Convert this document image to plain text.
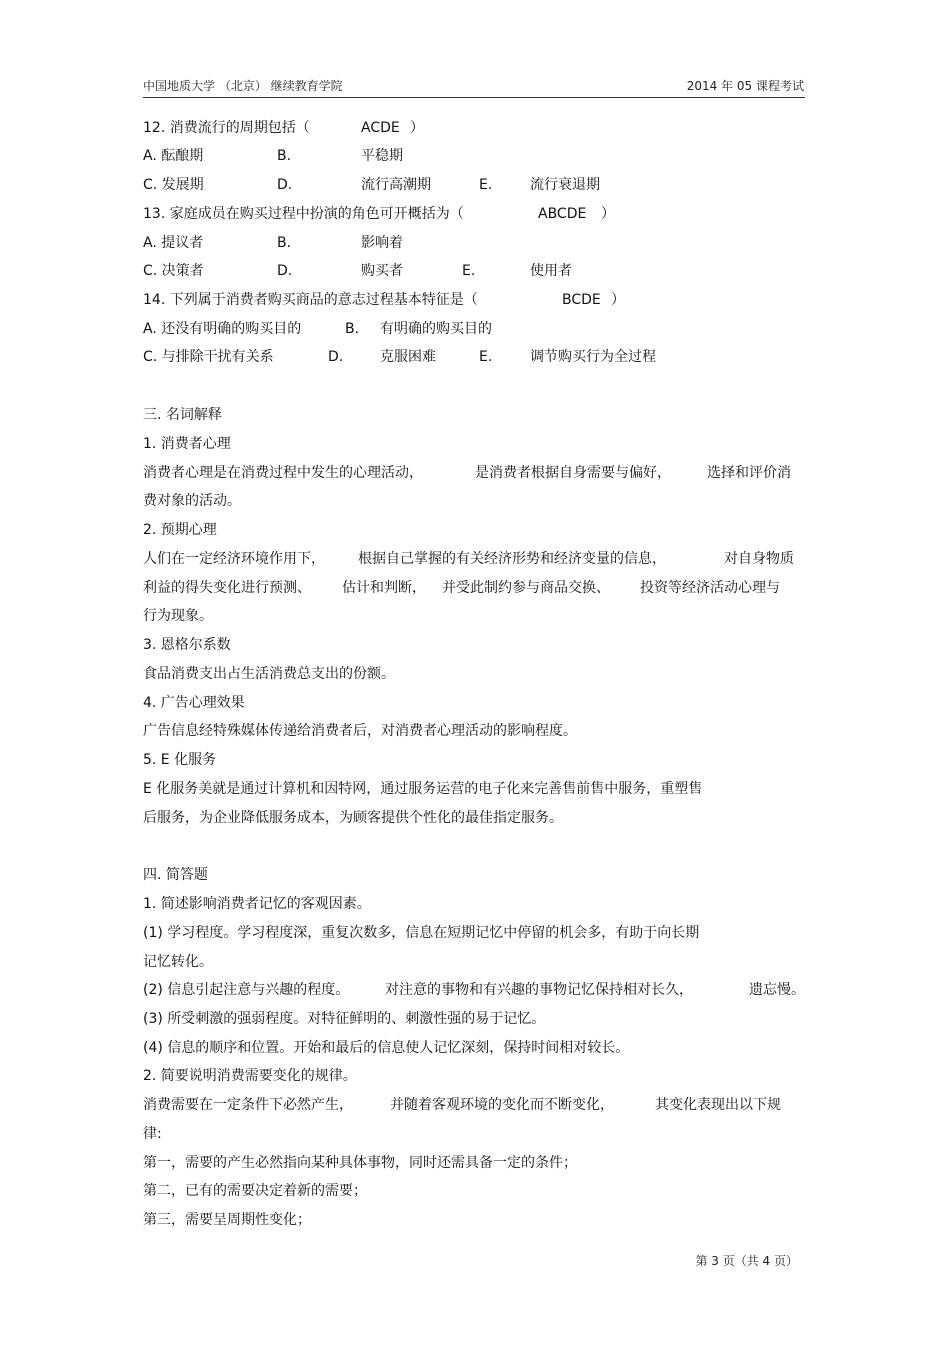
中国地质大学 （北京） 继续教育学院	2014 年 05 课程考试
12. 消费流行的周期包括（	ACDE ）
A. 酝酿期	B.	平稳期
C. 发展期	D.	流行高潮期	E.	流行衰退期
13. 家庭成员在购买过程中扮演的角色可开概括为（	ABCDE ）
A. 提议者	B.	影响着
C. 决策者	D.	购买者	E.	使用者
14. 下列属于消费者购买商品的意志过程基本特征是（	BCDE ）
A. 还没有明确的购买目的	B. 有明确的购买目的
C. 与排除干扰有关系	D.	克服困难	E.	调节购买行为全过程
三. 名词解释
1. 消费者心理
消费者心理是在消费过程中发生的心理活动，	是消费者根据自身需要与偏好，	选择和评价消
费对象的活动。
2. 预期心理
人们在一定经济环境作用下， 根据自己掌握的有关经济形势和经济变量的信息，	对自身物质
利益的得失变化进行预测、 估计和判断， 并受此制约参与商品交换、 投资等经济活动心理与
行为现象。
3. 恩格尔系数
食品消费支出占生活消费总支出的份额。
4. 广告心理效果
广告信息经特殊媒体传递给消费者后，对消费者心理活动的影响程度。
5. E 化服务
E 化服务美就是通过计算机和因特网，通过服务运营的电子化来完善售前售中服务，重塑售
后服务，为企业降低服务成本，为顾客提供个性化的最佳指定服务。
四. 简答题
1. 简述影响消费者记忆的客观因素。
(1) 学习程度。学习程度深，重复次数多，信息在短期记忆中停留的机会多，有助于向长期
记忆转化。
(2) 信息引起注意与兴趣的程度。	对注意的事物和有兴趣的事物记忆保持相对长久，	遗忘慢。
(3) 所受刺激的强弱程度。对特征鲜明的、刺激性强的易于记忆。
(4) 信息的顺序和位置。开始和最后的信息使人记忆深刻，保持时间相对较长。
2. 简要说明消费需要变化的规律。
消费需要在一定条件下必然产生，	并随着客观环境的变化而不断变化，	其变化表现出以下规
律:
第一，需要的产生必然指向某种具体事物，同时还需具备一定的条件；
第二，已有的需要决定着新的需要；
第三，需要呈周期性变化；
第 3 页（共 4 页）
